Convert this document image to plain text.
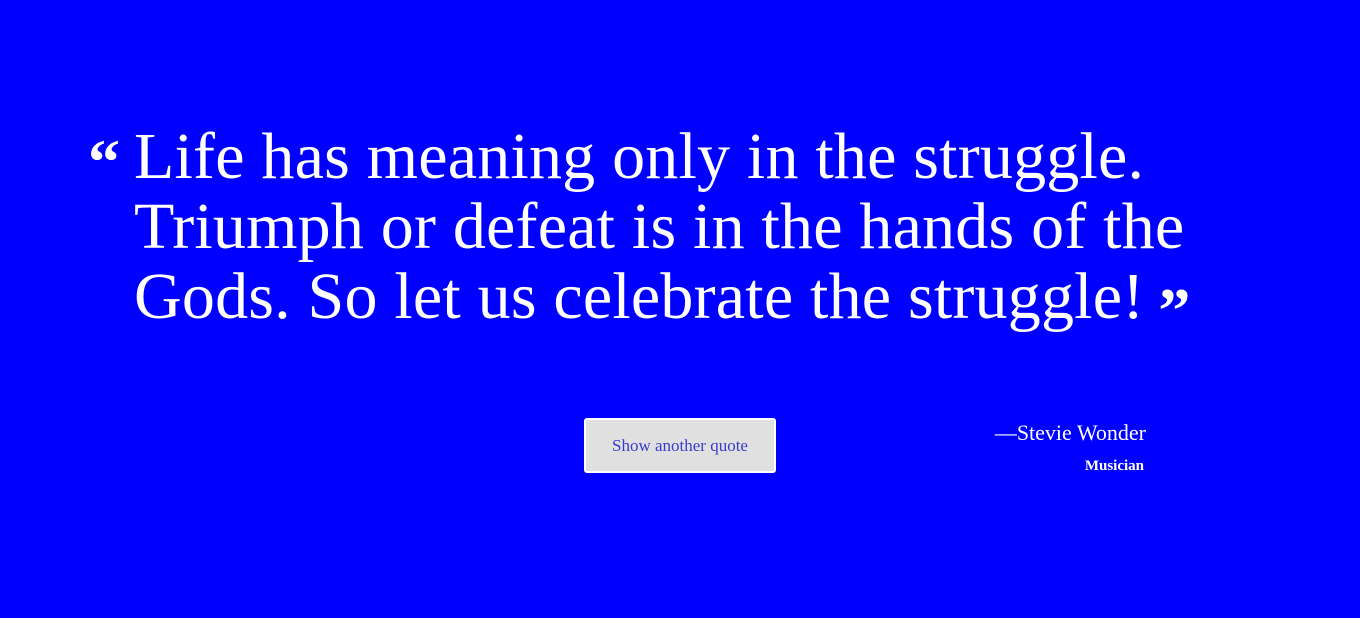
“ Life has meaning only in the struggle. Triumph or defeat is in the hands of the Gods. So let us celebrate the struggle! ”

Show another quote	—Stevie Wonder
Musician
